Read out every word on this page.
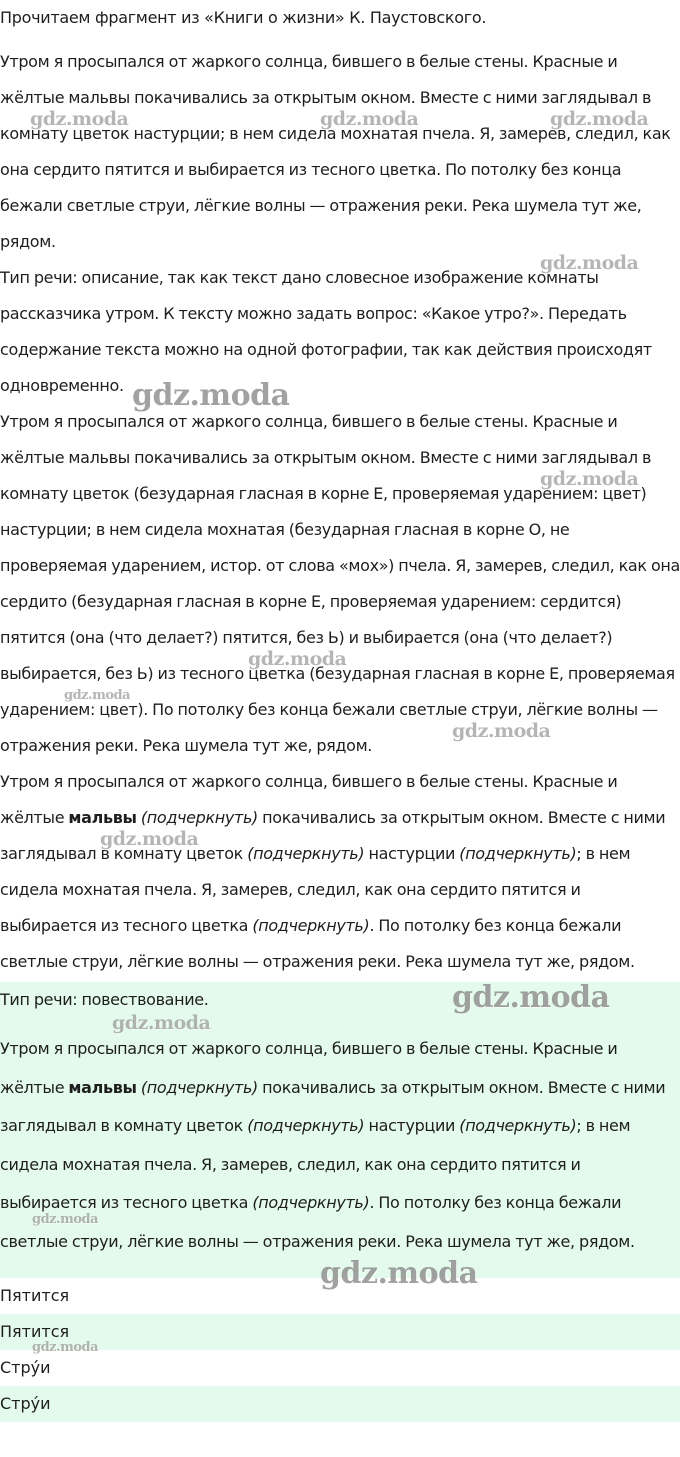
Прочитаем фрагмент из «Книги о жизни» К. Паустовского.

Утром я просыпался от жаркого солнца, бившего в белые стены. Красные и жёлтые мальвы покачивались за открытым окном. Вместе с ними заглядывал в комнату цветок настурции; в нем сидела мохнатая пчела. Я, замерев, следил, как она сердито пятится и выбирается из тесного цветка. По потолку без конца бежали светлые струи, лёгкие волны — отражения реки. Река шумела тут же, рядом.

Тип речи: описание, так как текст дано словесное изображение комнаты рассказчика утром. К тексту можно задать вопрос: «Какое утро?». Передать содержание текста можно на одной фотографии, так как действия происходят одновременно.

Утром я просыпался от жаркого солнца, бившего в белые стены. Красные и жёлтые мальвы покачивались за открытым окном. Вместе с ними заглядывал в комнату цветок (безударная гласная в корне Е, проверяемая ударением: цвет) настурции; в нем сидела мохнатая (безударная гласная в корне О, не проверяемая ударением, истор. от слова «мох») пчела. Я, замерев, следил, как она сердито (безударная гласная в корне Е, проверяемая ударением: сердится) пятится (она (что делает?) пятится, без Ь) и выбирается (она (что делает?) выбирается, без Ь) из тесного цветка (безударная гласная в корне Е, проверяемая ударением: цвет). По потолку без конца бежали светлые струи, лёгкие волны — отражения реки. Река шумела тут же, рядом.

Утром я просыпался от жаркого солнца, бившего в белые стены. Красные и жёлтые мальвы (подчеркнуть) покачивались за открытым окном. Вместе с ними заглядывал в комнату цветок (подчеркнуть) настурции (подчеркнуть); в нем сидела мохнатая пчела. Я, замерев, следил, как она сердито пятится и выбирается из тесного цветка (подчеркнуть). По потолку без конца бежали светлые струи, лёгкие волны — отражения реки. Река шумела тут же, рядом.

Тип речи: повествование.

Утром я просыпался от жаркого солнца, бившего в белые стены. Красные и жёлтые мальвы (подчеркнуть) покачивались за открытым окном. Вместе с ними заглядывал в комнату цветок (подчеркнуть) настурции (подчеркнуть); в нем сидела мохнатая пчела. Я, замерев, следил, как она сердито пятится и выбирается из тесного цветка (подчеркнуть). По потолку без конца бежали светлые струи, лёгкие волны — отражения реки. Река шумела тут же, рядом.

Пятится
Пятится
Стру́и
Стру́и
gdz.moda	gdz.moda	gdz.moda
gdz.moda
gdz.moda
gdz.moda
gdz.moda
gdz.moda
gdz.moda
gdz.moda
gdz.moda
gdz.moda
gdz.moda
gdz.moda
gdz.moda
